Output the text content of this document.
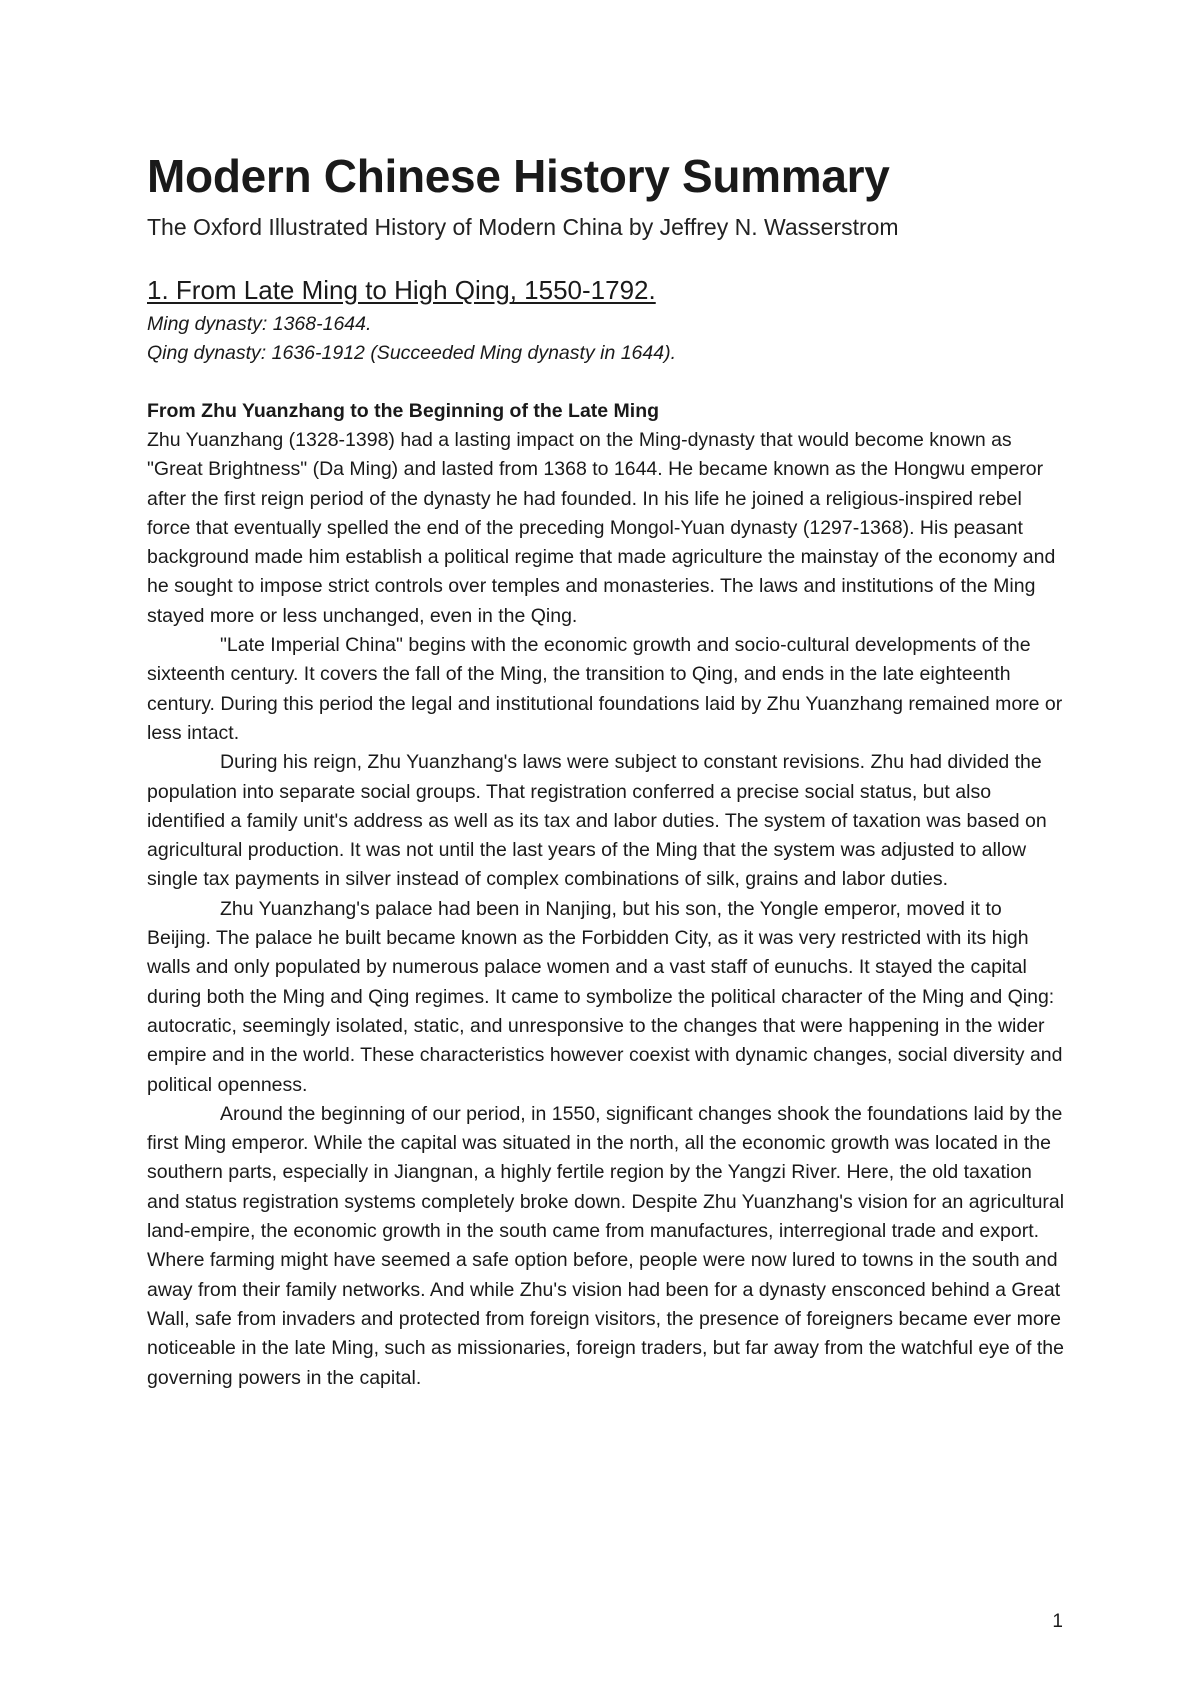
Modern Chinese History Summary

The Oxford Illustrated History of Modern China by Jeffrey N. Wasserstrom

1. From Late Ming to High Qing, 1550-1792.

Ming dynasty: 1368-1644.

Qing dynasty: 1636-1912 (Succeeded Ming dynasty in 1644).

From Zhu Yuanzhang to the Beginning of the Late Ming

Zhu Yuanzhang (1328-1398) had a lasting impact on the Ming-dynasty that would become known as "Great Brightness" (Da Ming) and lasted from 1368 to 1644. He became known as the Hongwu emperor after the first reign period of the dynasty he had founded. In his life he joined a religious-inspired rebel force that eventually spelled the end of the preceding Mongol-Yuan dynasty (1297-1368). His peasant background made him establish a political regime that made agriculture the mainstay of the economy and he sought to impose strict controls over temples and monasteries. The laws and institutions of the Ming stayed more or less unchanged, even in the Qing.

"Late Imperial China" begins with the economic growth and socio-cultural developments of the sixteenth century. It covers the fall of the Ming, the transition to Qing, and ends in the late eighteenth century. During this period the legal and institutional foundations laid by Zhu Yuanzhang remained more or less intact.

During his reign, Zhu Yuanzhang's laws were subject to constant revisions. Zhu had divided the population into separate social groups. That registration conferred a precise social status, but also identified a family unit's address as well as its tax and labor duties. The system of taxation was based on agricultural production. It was not until the last years of the Ming that the system was adjusted to allow single tax payments in silver instead of complex combinations of silk, grains and labor duties.

Zhu Yuanzhang's palace had been in Nanjing, but his son, the Yongle emperor, moved it to Beijing. The palace he built became known as the Forbidden City, as it was very restricted with its high walls and only populated by numerous palace women and a vast staff of eunuchs. It stayed the capital during both the Ming and Qing regimes. It came to symbolize the political character of the Ming and Qing: autocratic, seemingly isolated, static, and unresponsive to the changes that were happening in the wider empire and in the world. These characteristics however coexist with dynamic changes, social diversity and political openness.

Around the beginning of our period, in 1550, significant changes shook the foundations laid by the first Ming emperor. While the capital was situated in the north, all the economic growth was located in the southern parts, especially in Jiangnan, a highly fertile region by the Yangzi River. Here, the old taxation and status registration systems completely broke down. Despite Zhu Yuanzhang's vision for an agricultural land-empire, the economic growth in the south came from manufactures, interregional trade and export. Where farming might have seemed a safe option before, people were now lured to towns in the south and away from their family networks. And while Zhu's vision had been for a dynasty ensconced behind a Great Wall, safe from invaders and protected from foreign visitors, the presence of foreigners became ever more noticeable in the late Ming, such as missionaries, foreign traders, but far away from the watchful eye of the governing powers in the capital.

1
